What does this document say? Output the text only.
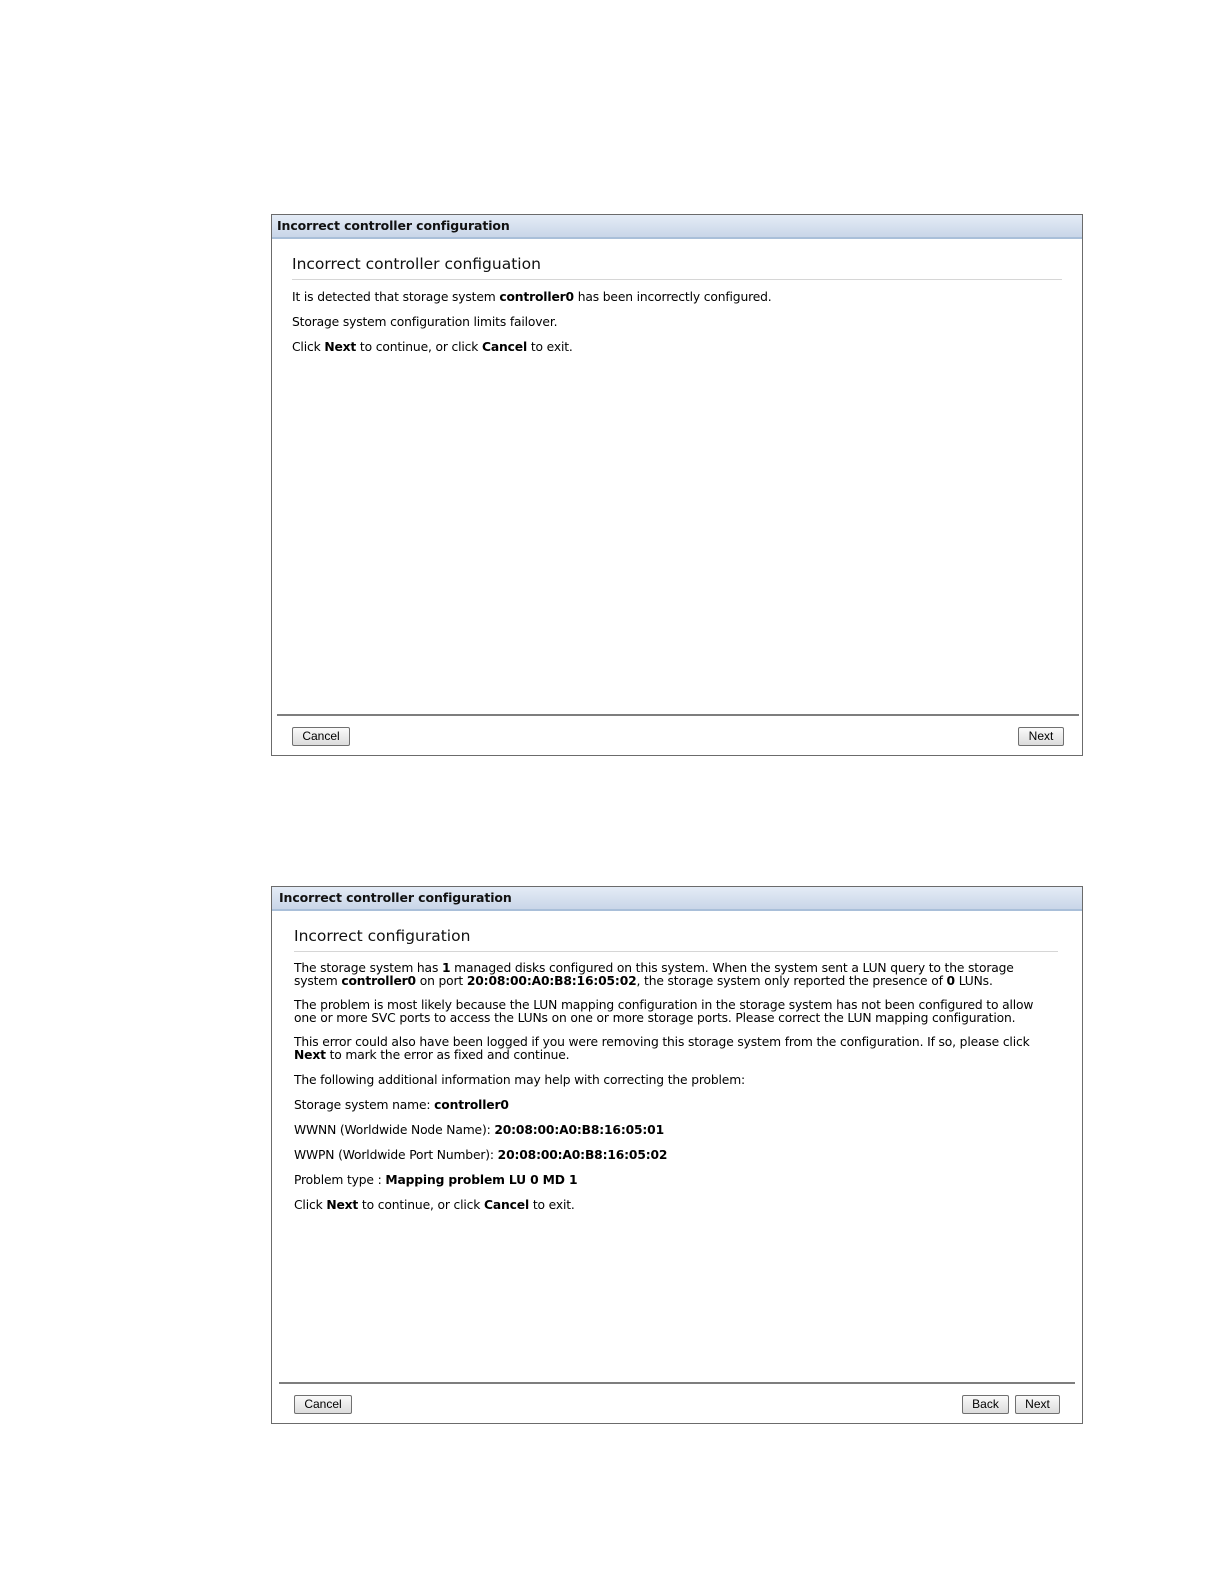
Incorrect controller configuration
Incorrect controller configuation

It is detected that storage system controller0 has been incorrectly configured.

Storage system configuration limits failover.

Click Next to continue, or click Cancel to exit.

Cancel	Next
Incorrect controller configuration
Incorrect configuration

The storage system has 1 managed disks configured on this system. When the system sent a LUN query to the storage system controller0 on port 20:08:00:A0:B8:16:05:02, the storage system only reported the presence of 0 LUNs.

The problem is most likely because the LUN mapping configuration in the storage system has not been configured to allow one or more SVC ports to access the LUNs on one or more storage ports. Please correct the LUN mapping configuration.

This error could also have been logged if you were removing this storage system from the configuration. If so, please click Next to mark the error as fixed and continue.

The following additional information may help with correcting the problem:

Storage system name: controller0

WWNN (Worldwide Node Name): 20:08:00:A0:B8:16:05:01

WWPN (Worldwide Port Number): 20:08:00:A0:B8:16:05:02

Problem type : Mapping problem LU 0 MD 1

Click Next to continue, or click Cancel to exit.

Cancel	Back	Next
